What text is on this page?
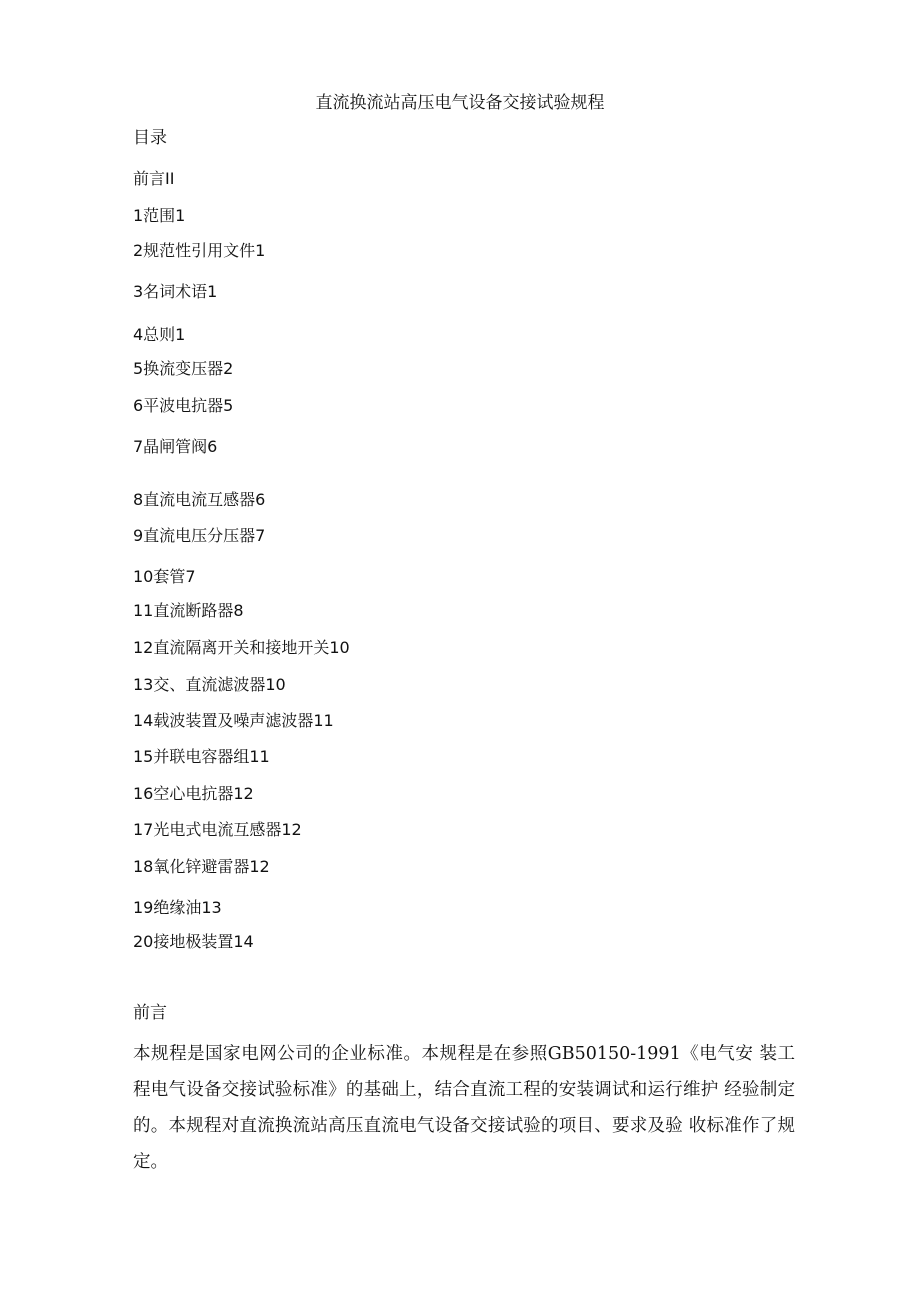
直流换流站高压电气设备交接试验规程
目录
前言II
1范围1
2规范性引用文件1
3名词术语1
4总则1
5换流变压器2
6平波电抗器5
7晶闸管阀6
8直流电流互感器6
9直流电压分压器7
10套管7
11直流断路器8
12直流隔离开关和接地开关10
13交、直流滤波器10
14载波装置及噪声滤波器11
15并联电容器组11
16空心电抗器12
17光电式电流互感器12
18氧化锌避雷器12
19绝缘油13
20接地极装置14
前言

本规程是国家电网公司的企业标准。本规程是在参照GB50150-1991《电气安 装工程电气设备交接试验标准》的基础上，结合直流工程的安装调试和运行维护 经验制定的。本规程对直流换流站高压直流电气设备交接试验的项目、要求及验 收标准作了规定。
